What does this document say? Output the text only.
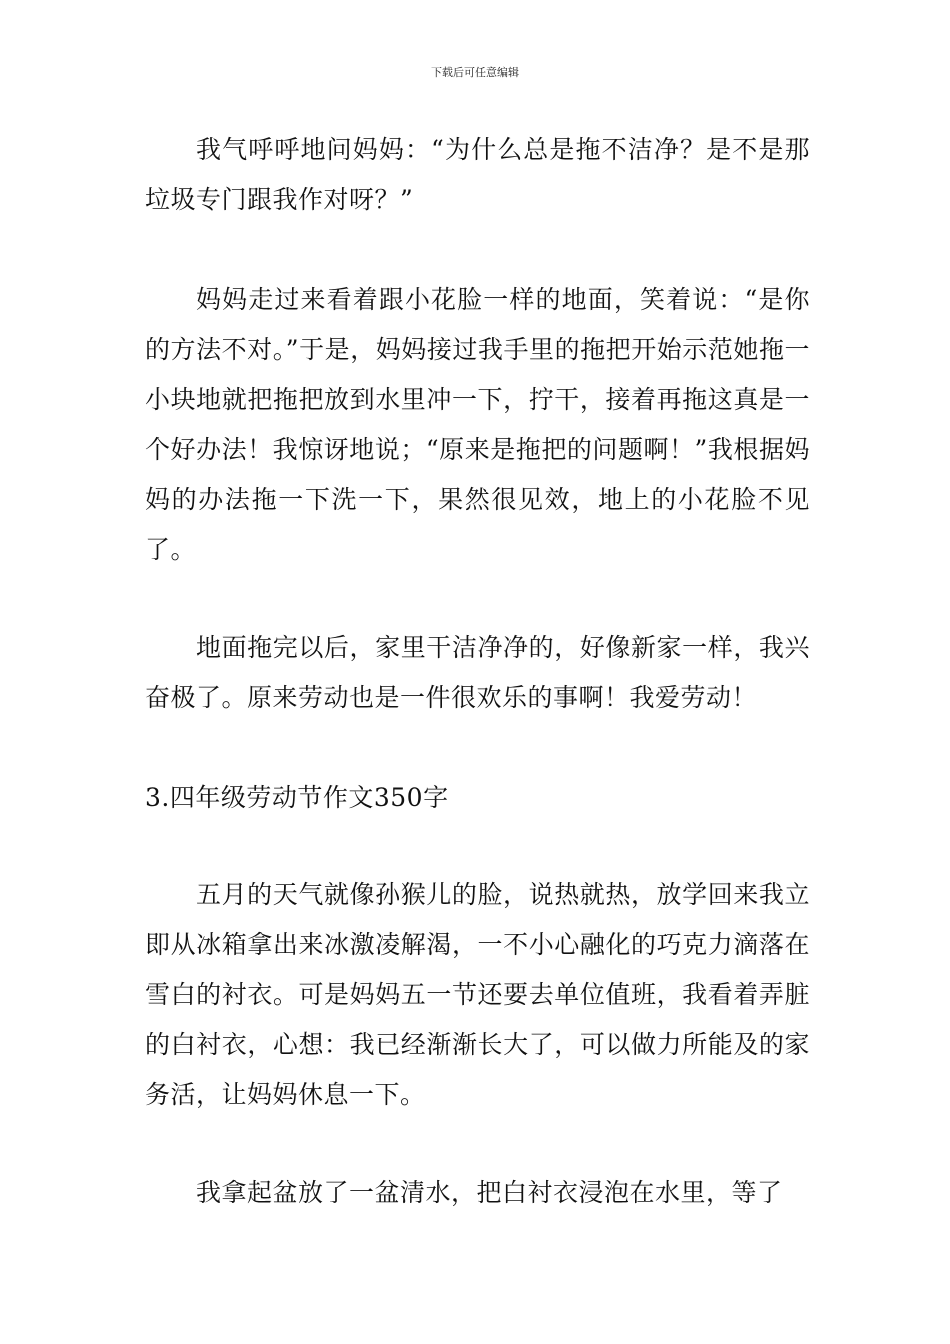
下载后可任意编辑

我气呼呼地问妈妈：“为什么总是拖不洁净？是不是那垃圾专门跟我作对呀？”

妈妈走过来看着跟小花脸一样的地面，笑着说：“是你的方法不对。”于是，妈妈接过我手里的拖把开始示范她拖一小块地就把拖把放到水里冲一下，拧干，接着再拖这真是一个好办法！我惊讶地说；“原来是拖把的问题啊！”我根据妈妈的办法拖一下洗一下，果然很见效，地上的小花脸不见了。

地面拖完以后，家里干洁净净的，好像新家一样，我兴奋极了。原来劳动也是一件很欢乐的事啊！我爱劳动！

3.四年级劳动节作文350字

五月的天气就像孙猴儿的脸，说热就热，放学回来我立即从冰箱拿出来冰激凌解渴，一不小心融化的巧克力滴落在雪白的衬衣。可是妈妈五一节还要去单位值班，我看着弄脏的白衬衣，心想：我已经渐渐长大了，可以做力所能及的家务活，让妈妈休息一下。

我拿起盆放了一盆清水，把白衬衣浸泡在水里，等了
